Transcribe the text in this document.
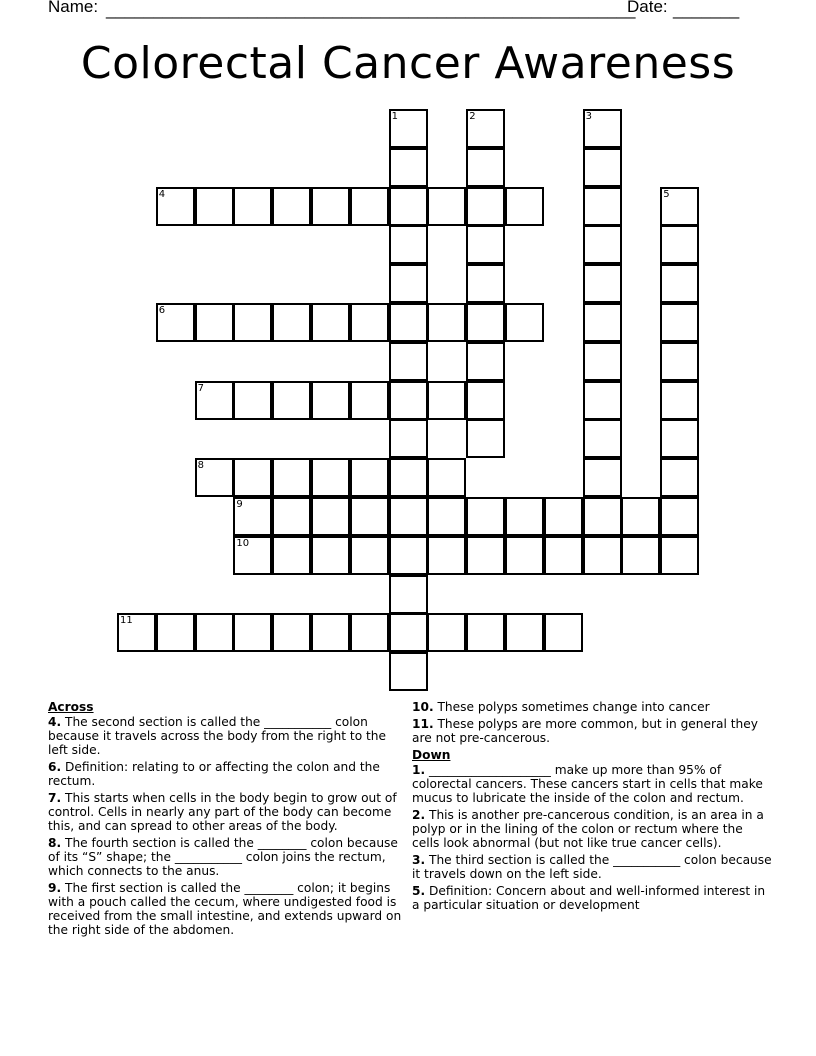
Name: ________________________________________________________
Date: _______
Colorectal Cancer Awareness
4
6
7
8
9
10
11
1	2	3
5
Across
4. The second section is called the ___________ colon because it travels across the body from the right to the left side.
6. Definition: relating to or affecting the colon and the rectum.
7. This starts when cells in the body begin to grow out of control. Cells in nearly any part of the body can become this, and can spread to other areas of the body.
8. The fourth section is called the ________ colon because of its “S” shape; the ___________ colon joins the rectum, which connects to the anus.
9. The first section is called the ________ colon; it begins with a pouch called the cecum, where undigested food is received from the small intestine, and extends upward on the right side of the abdomen.
10. These polyps sometimes change into cancer
11. These polyps are more common, but in general they are not pre-cancerous.
Down
1. ____________________ make up more than 95% of colorectal cancers. These cancers start in cells that make mucus to lubricate the inside of the colon and rectum.
2. This is another pre-cancerous condition, is an area in a polyp or in the lining of the colon or rectum where the cells look abnormal (but not like true cancer cells).
3. The third section is called the ___________ colon because it travels down on the left side.
5. Definition: Concern about and well-informed interest in a particular situation or development
